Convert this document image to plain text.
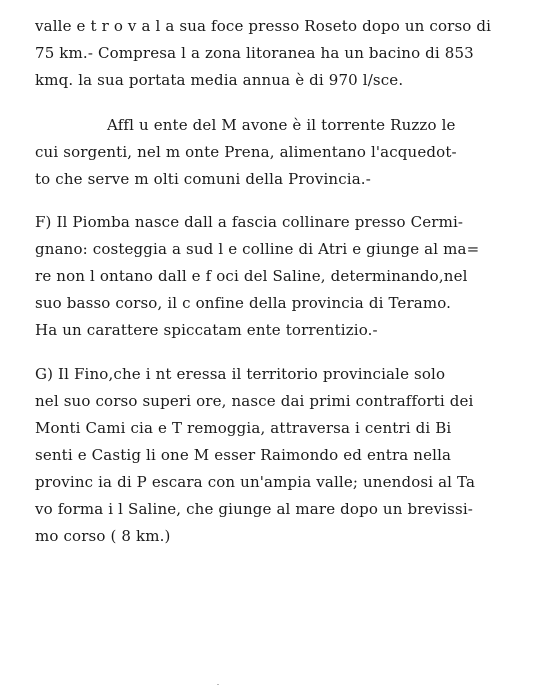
valle e t r o v a l a sua foce presso Roseto dopo un corso di
75 km.- Compresa l a zona litoranea ha un bacino di 853
kmq. la sua portata media annua è di 970 l/sce.
Affl u ente del M avone è il torrente Ruzzo le
cui sorgenti, nel m onte Prena, alimentano l'acquedot-
to che serve m olti comuni della Provincia.-
F) Il Piomba nasce dall a fascia collinare presso Cermi-
gnano: costeggia a sud l e colline di Atri e giunge al ma=
re non l ontano dall e f oci del Saline, determinando,nel
suo basso corso, il c onfine della provincia di Teramo.
Ha un carattere spiccatam ente torrentizio.-
G) Il Fino,che i nt eressa il territorio provinciale solo
nel suo corso superi ore, nasce dai primi contrafforti dei
Monti Cami cia e T remoggia, attraversa i centri di Bi
senti e Castig li one M esser Raimondo ed entra nella
provinc ia di P escara con un'ampia valle; unendosi al Ta
vo forma i l Saline, che giunge al mare dopo un brevissi-
mo corso ( 8 km.)
